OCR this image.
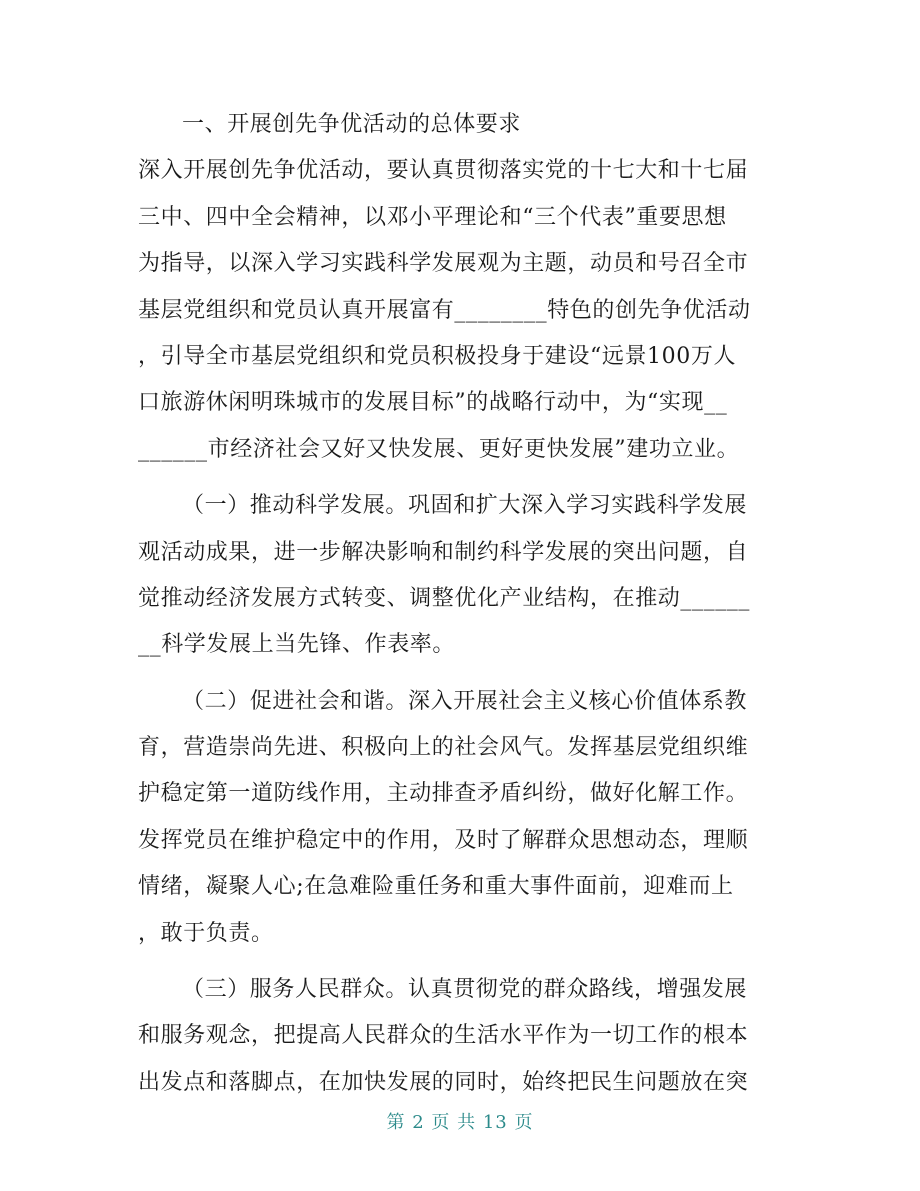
一、开展创先争优活动的总体要求
深入开展创先争优活动，要认真贯彻落实党的十七大和十七届
三中、四中全会精神，以邓小平理论和“三个代表”重要思想
为指导，以深入学习实践科学发展观为主题，动员和号召全市
基层党组织和党员认真开展富有________特色的创先争优活动
，引导全市基层党组织和党员积极投身于建设“远景100万人
口旅游休闲明珠城市的发展目标”的战略行动中，为“实现__
______市经济社会又好又快发展、更好更快发展”建功立业。
（一）推动科学发展。巩固和扩大深入学习实践科学发展
观活动成果，进一步解决影响和制约科学发展的突出问题，自
觉推动经济发展方式转变、调整优化产业结构，在推动______
__科学发展上当先锋、作表率。
（二）促进社会和谐。深入开展社会主义核心价值体系教
育，营造崇尚先进、积极向上的社会风气。发挥基层党组织维
护稳定第一道防线作用，主动排查矛盾纠纷，做好化解工作。
发挥党员在维护稳定中的作用，及时了解群众思想动态，理顺
情绪，凝聚人心;在急难险重任务和重大事件面前，迎难而上
，敢于负责。
（三）服务人民群众。认真贯彻党的群众路线，增强发展
和服务观念，把提高人民群众的生活水平作为一切工作的根本
出发点和落脚点，在加快发展的同时，始终把民生问题放在突
第 2 页 共 13 页
